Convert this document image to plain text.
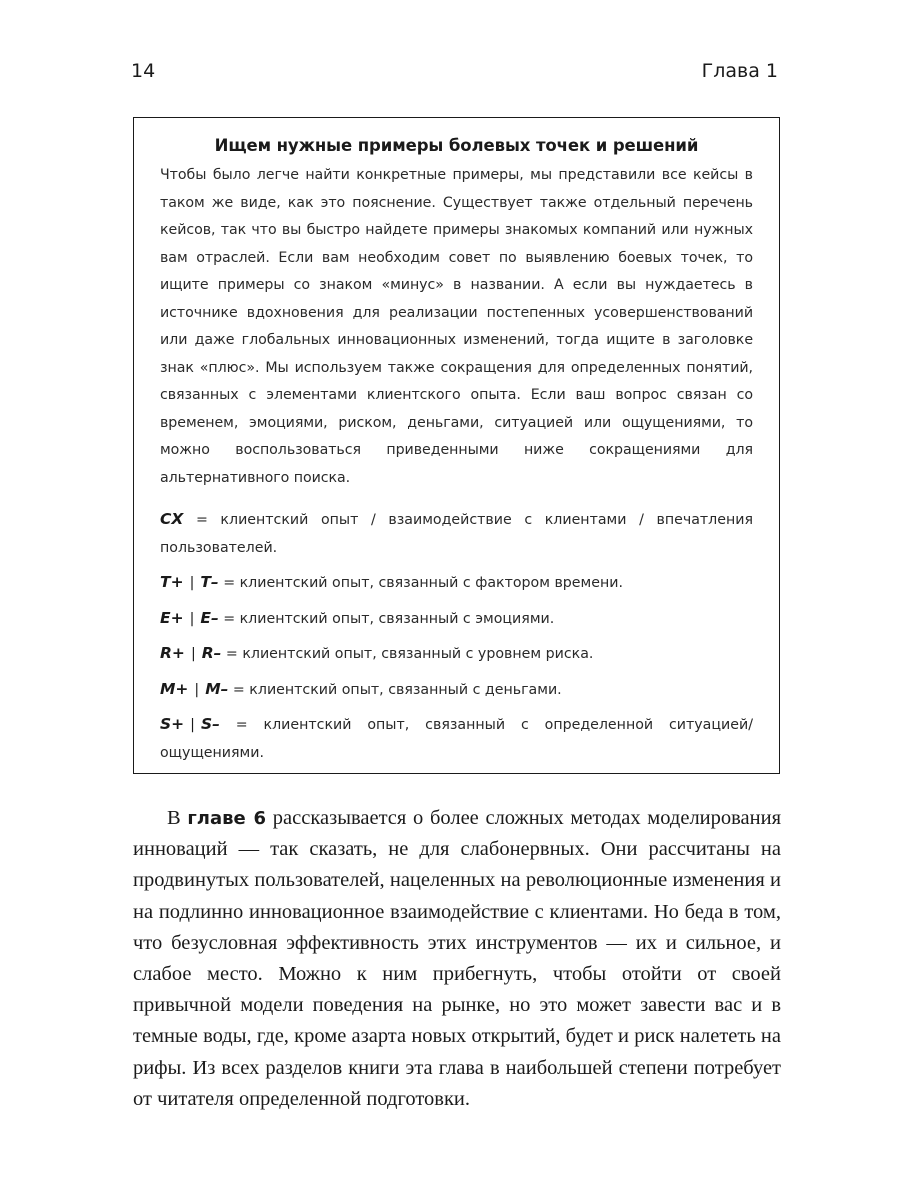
14	Глава 1

Ищем нужные примеры болевых точек и решений

Чтобы было легче найти конкретные примеры, мы представили все кейсы в таком же виде, как это пояснение. Существует также отдельный перечень кейсов, так что вы быстро найдете примеры знакомых компаний или нужных вам отраслей. Если вам необходим совет по выявлению боевых точек, то ищите примеры со знаком «минус» в названии. А если вы нуждаетесь в источнике вдохновения для реализации постепенных усовершенствований или даже глобальных инновационных изменений, тогда ищите в заголовке знак «плюс». Мы используем также сокращения для определенных понятий, связанных с элементами клиентского опыта. Если ваш вопрос связан со временем, эмоциями, риском, деньгами, ситуацией или ощущениями, то можно воспользоваться приведенными ниже сокращениями для альтернативного поиска.

CX = клиентский опыт / взаимодействие с клиентами / впечатления пользователей.

T+ | T– = клиентский опыт, связанный с фактором времени.

E+ | E– = клиентский опыт, связанный с эмоциями.

R+ | R– = клиентский опыт, связанный с уровнем риска.

M+ | M– = клиентский опыт, связанный с деньгами.

S+ | S– = клиентский опыт, связанный с определенной ситуацией/ощущениями.

В главе 6 рассказывается о более сложных методах моделирования инноваций — так сказать, не для слабонервных. Они рассчитаны на продвинутых пользователей, нацеленных на революционные изменения и на подлинно инновационное взаимодействие с клиентами. Но беда в том, что безусловная эффективность этих инструментов — их и сильное, и слабое место. Можно к ним прибегнуть, чтобы отойти от своей привычной модели поведения на рынке, но это может завести вас и в темные воды, где, кроме азарта новых открытий, будет и риск налететь на рифы. Из всех разделов книги эта глава в наибольшей степени потребует от читателя определенной подготовки.
